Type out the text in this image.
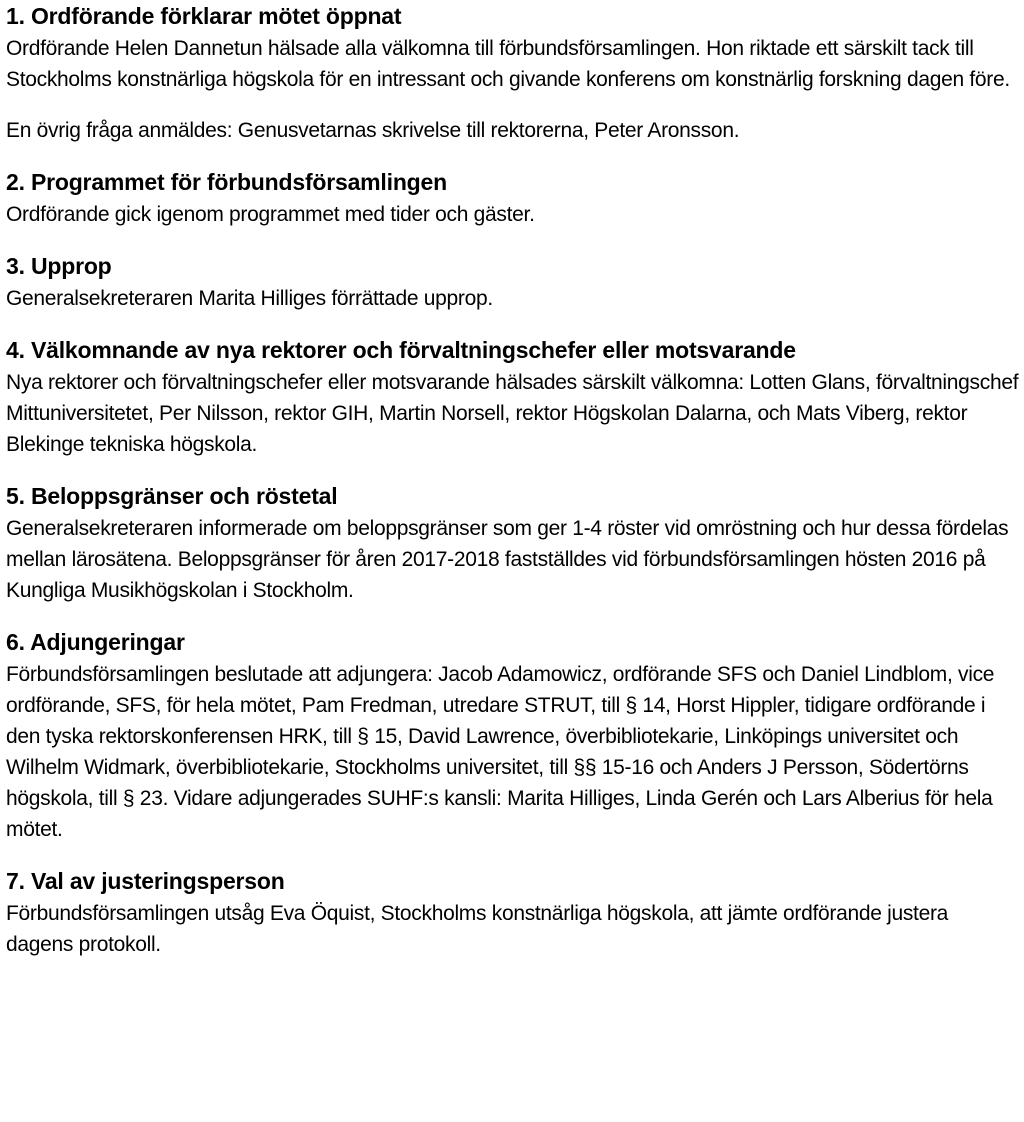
1. Ordförande förklarar mötet öppnat

Ordförande Helen Dannetun hälsade alla välkomna till förbundsförsamlingen. Hon riktade ett särskilt tack till Stockholms konstnärliga högskola för en intressant och givande konferens om konstnärlig forskning dagen före.

En övrig fråga anmäldes: Genusvetarnas skrivelse till rektorerna, Peter Aronsson.

2. Programmet för förbundsförsamlingen

Ordförande gick igenom programmet med tider och gäster.

3. Upprop

Generalsekreteraren Marita Hilliges förrättade upprop.

4. Välkomnande av nya rektorer och förvaltningschefer eller motsvarande

Nya rektorer och förvaltningschefer eller motsvarande hälsades särskilt välkomna: Lotten Glans, förvaltningschef Mittuniversitetet, Per Nilsson, rektor GIH, Martin Norsell, rektor Högskolan Dalarna, och Mats Viberg, rektor Blekinge tekniska högskola.

5. Beloppsgränser och röstetal

Generalsekreteraren informerade om beloppsgränser som ger 1-4 röster vid omröstning och hur dessa fördelas mellan lärosätena. Beloppsgränser för åren 2017-2018 fastställdes vid förbundsförsamlingen hösten 2016 på Kungliga Musikhögskolan i Stockholm.

6. Adjungeringar

Förbundsförsamlingen beslutade att adjungera: Jacob Adamowicz, ordförande SFS och Daniel Lindblom, vice ordförande, SFS, för hela mötet, Pam Fredman, utredare STRUT, till § 14, Horst Hippler, tidigare ordförande i den tyska rektorskonferensen HRK, till § 15, David Lawrence, överbibliotekarie, Linköpings universitet och Wilhelm Widmark, överbibliotekarie, Stockholms universitet, till §§ 15-16 och Anders J Persson, Södertörns högskola, till § 23. Vidare adjungerades SUHF:s kansli: Marita Hilliges, Linda Gerén och Lars Alberius för hela mötet.

7. Val av justeringsperson

Förbundsförsamlingen utsåg Eva Öquist, Stockholms konstnärliga högskola, att jämte ordförande justera dagens protokoll.
